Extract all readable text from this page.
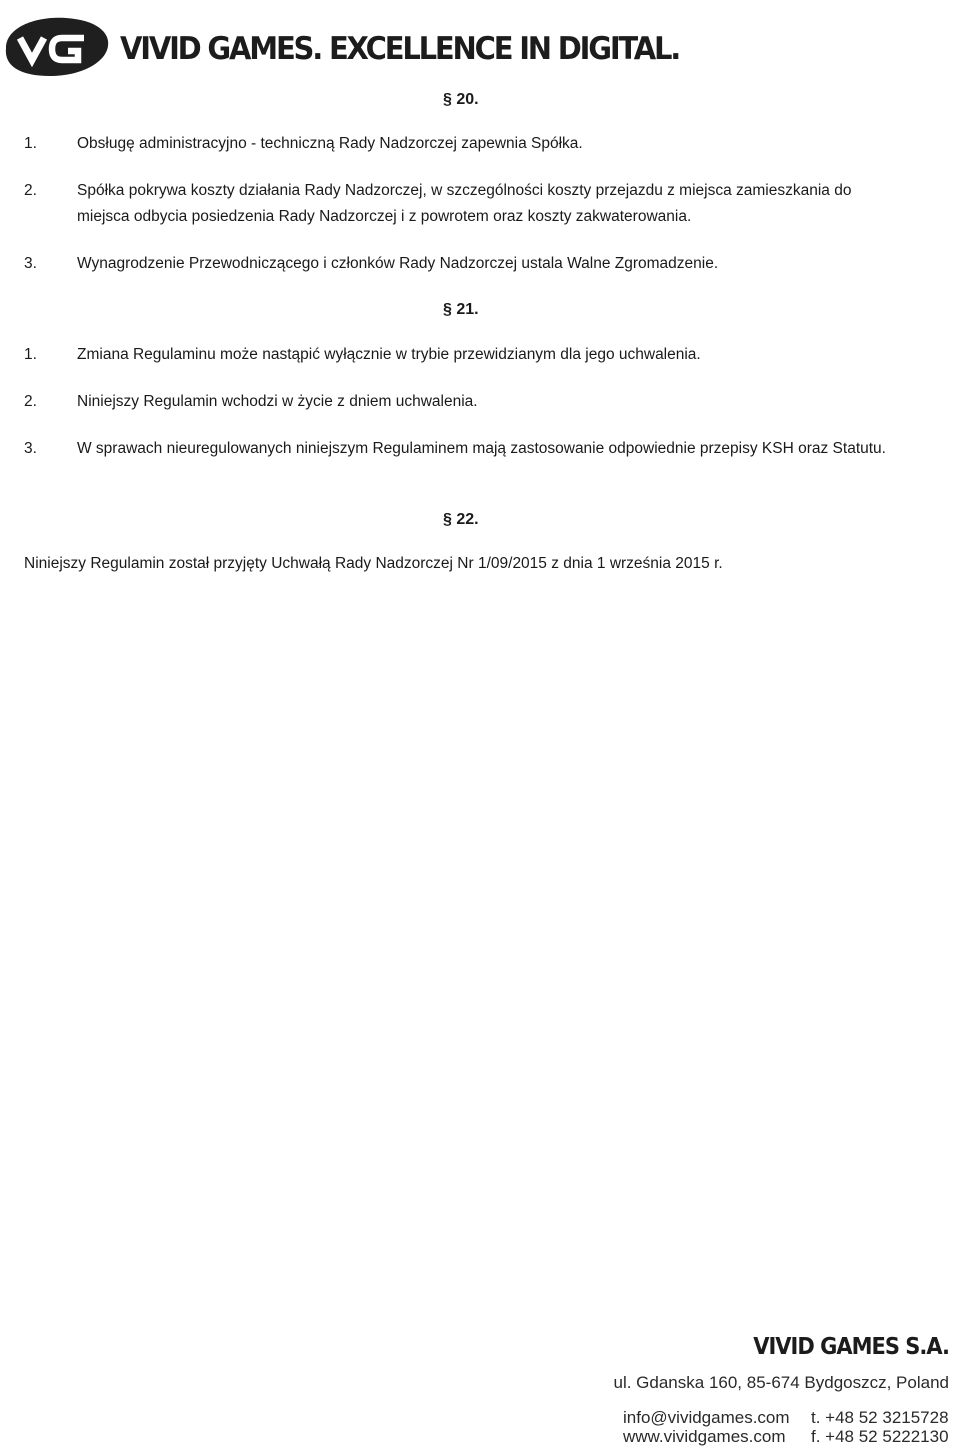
VIVID GAMES. EXCELLENCE IN DIGITAL.
§ 20.
1.	Obsługę administracyjno - techniczną Rady Nadzorczej zapewnia Spółka.
2.	Spółka pokrywa koszty działania Rady Nadzorczej, w szczególności koszty przejazdu z miejsca zamieszkania do miejsca odbycia posiedzenia Rady Nadzorczej i z powrotem oraz koszty zakwaterowania.
3.	Wynagrodzenie Przewodniczącego i członków Rady Nadzorczej ustala Walne Zgromadzenie.
§ 21.
1.	Zmiana Regulaminu może nastąpić wyłącznie w trybie przewidzianym dla jego uchwalenia.
2.	Niniejszy Regulamin wchodzi w życie z dniem uchwalenia.
3.	W sprawach nieuregulowanych niniejszym Regulaminem mają zastosowanie odpowiednie przepisy KSH oraz Statutu.
§ 22.
Niniejszy Regulamin został przyjęty Uchwałą Rady Nadzorczej Nr 1/09/2015 z dnia 1 września 2015 r.
VIVID GAMES S.A.
ul. Gdanska 160, 85-674 Bydgoszcz, Poland
info@vividgames.com t. +48 52 3215728
www.vividgames.com f. +48 52 5222130
